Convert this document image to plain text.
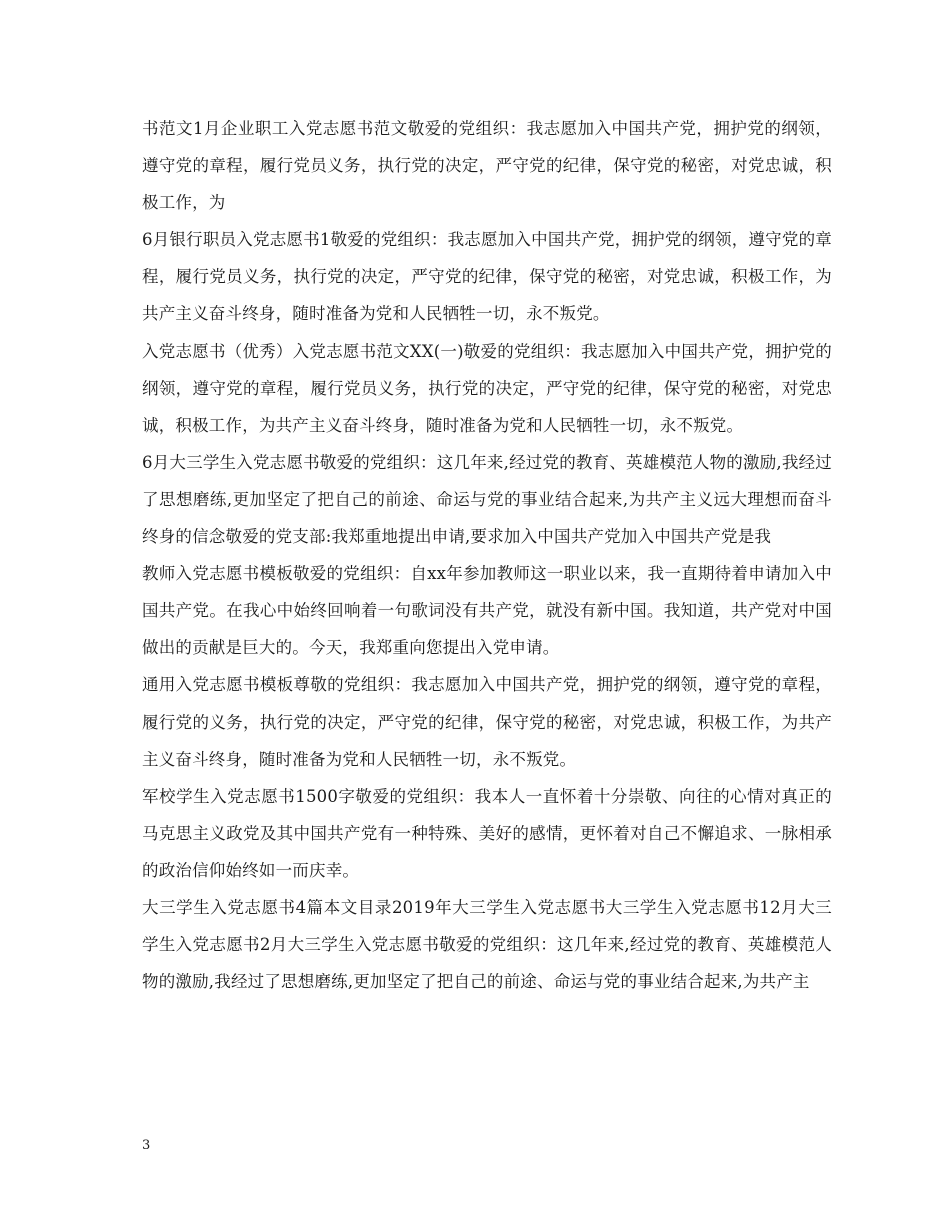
书范文1月企业职工入党志愿书范文敬爱的党组织：我志愿加入中国共产党，拥护党的纲领，遵守党的章程，履行党员义务，执行党的决定，严守党的纪律，保守党的秘密，对党忠诚，积极工作，为

6月银行职员入党志愿书1敬爱的党组织：我志愿加入中国共产党，拥护党的纲领，遵守党的章程，履行党员义务，执行党的决定，严守党的纪律，保守党的秘密，对党忠诚，积极工作，为共产主义奋斗终身，随时准备为党和人民牺牲一切，永不叛党。

入党志愿书（优秀）入党志愿书范文XX(一)敬爱的党组织：我志愿加入中国共产党，拥护党的纲领，遵守党的章程，履行党员义务，执行党的决定，严守党的纪律，保守党的秘密，对党忠诚，积极工作，为共产主义奋斗终身，随时准备为党和人民牺牲一切，永不叛党。

6月大三学生入党志愿书敬爱的党组织：这几年来,经过党的教育、英雄模范人物的激励,我经过了思想磨练,更加坚定了把自己的前途、命运与党的事业结合起来,为共产主义远大理想而奋斗终身的信念敬爱的党支部:我郑重地提出申请,要求加入中国共产党加入中国共产党是我

教师入党志愿书模板敬爱的党组织：自xx年参加教师这一职业以来，我一直期待着申请加入中国共产党。在我心中始终回响着一句歌词没有共产党，就没有新中国。我知道，共产党对中国做出的贡献是巨大的。今天，我郑重向您提出入党申请。

通用入党志愿书模板尊敬的党组织：我志愿加入中国共产党，拥护党的纲领，遵守党的章程，履行党的义务，执行党的决定，严守党的纪律，保守党的秘密，对党忠诚，积极工作，为共产主义奋斗终身，随时准备为党和人民牺牲一切，永不叛党。

军校学生入党志愿书1500字敬爱的党组织：我本人一直怀着十分崇敬、向往的心情对真正的马克思主义政党及其中国共产党有一种特殊、美好的感情，更怀着对自己不懈追求、一脉相承的政治信仰始终如一而庆幸。

大三学生入党志愿书4篇本文目录2019年大三学生入党志愿书大三学生入党志愿书12月大三学生入党志愿书2月大三学生入党志愿书敬爱的党组织：这几年来,经过党的教育、英雄模范人物的激励,我经过了思想磨练,更加坚定了把自己的前途、命运与党的事业结合起来,为共产主

3
